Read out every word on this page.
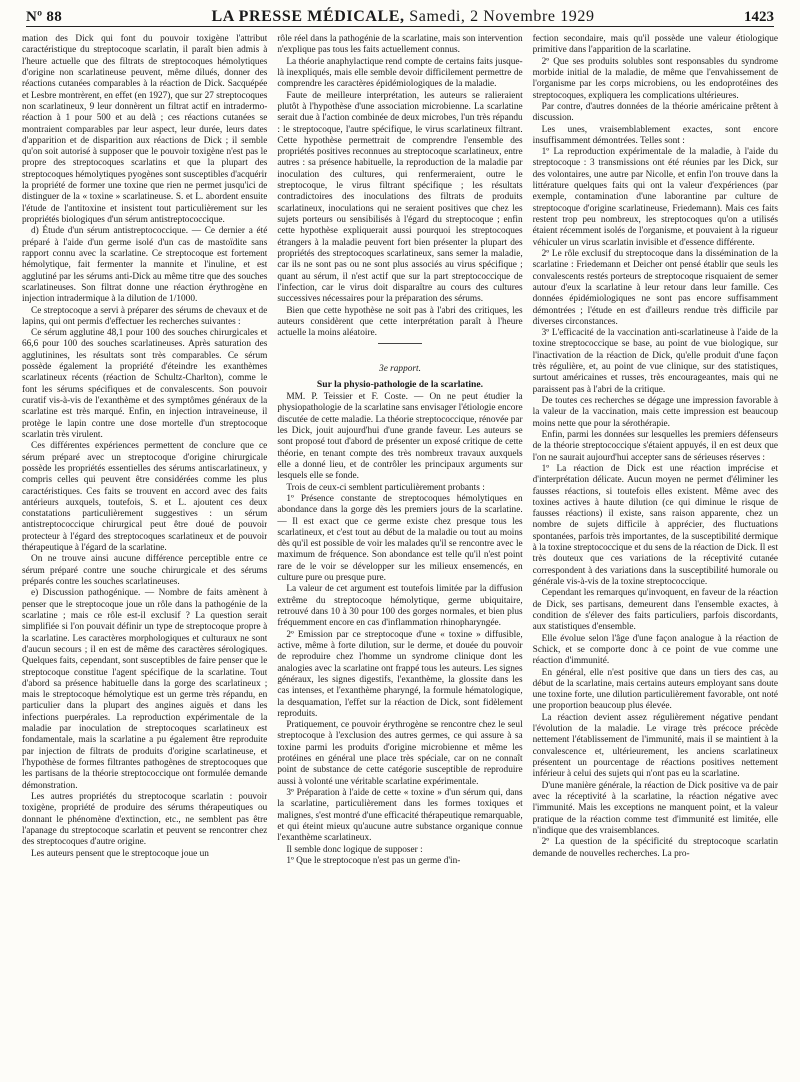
Nº 88	LA PRESSE MÉDICALE, Samedi, 2 Novembre 1929	1423

mation des Dick qui font du pouvoir toxigène l'attribut caractéristique du streptocoque scarlatin, il paraît bien admis à l'heure actuelle que des filtrats de streptocoques hémolytiques d'origine non scarlatineuse peuvent, même dilués, donner des réactions cutanées comparables à la réaction de Dick. Sacquépée et Lesbre montrèrent, en effet (en 1927), que sur 27 streptocoques non scarlatineux, 9 leur donnèrent un filtrat actif en intradermo-réaction à 1 pour 500 et au delà ; ces réactions cutanées se montraient comparables par leur aspect, leur durée, leurs dates d'apparition et de disparition aux réactions de Dick ; il semble qu'on soit autorisé à supposer que le pouvoir toxigène n'est pas le propre des streptocoques scarlatins et que la plupart des streptocoques hémolytiques pyogènes sont susceptibles d'acquérir la propriété de former une toxine que rien ne permet jusqu'ici de distinguer de la « toxine » scarlatineuse. S. et L. abordent ensuite l'étude de l'antitoxine et insistent tout particulièrement sur les propriétés biologiques d'un sérum antistreptococcique.

d) Étude d'un sérum antistreptococcique. — Ce dernier a été préparé à l'aide d'un germe isolé d'un cas de mastoïdite sans rapport connu avec la scarlatine. Ce streptocoque est fortement hémolytique, fait fermenter la mannite et l'inuline, et est agglutiné par les sérums anti-Dick au même titre que des souches scarlatineuses. Son filtrat donne une réaction érythrogène en injection intradermique à la dilution de 1/1000.

Ce streptocoque a servi à préparer des sérums de chevaux et de lapins, qui ont permis d'effectuer les recherches suivantes :

Ce sérum agglutine 48,1 pour 100 des souches chirurgicales et 66,6 pour 100 des souches scarlatineuses. Après saturation des agglutinines, les résultats sont très comparables. Ce sérum possède également la propriété d'éteindre les exanthèmes scarlatineux récents (réaction de Schultz-Charlton), comme le font les sérums spécifiques et de convalescents. Son pouvoir curatif vis-à-vis de l'exanthème et des symptômes généraux de la scarlatine est très marqué. Enfin, en injection intraveineuse, il protège le lapin contre une dose mortelle d'un streptocoque scarlatin très virulent.

Ces différentes expériences permettent de conclure que ce sérum préparé avec un streptocoque d'origine chirurgicale possède les propriétés essentielles des sérums antiscarlatineux, y compris celles qui peuvent être considérées comme les plus caractéristiques. Ces faits se trouvent en accord avec des faits antérieurs auxquels, toutefois, S. et L. ajoutent ces deux constatations particulièrement suggestives : un sérum antistreptococcique chirurgical peut être doué de pouvoir protecteur à l'égard des streptocoques scarlatineux et de pouvoir thérapeutique à l'égard de la scarlatine.

On ne trouve ainsi aucune différence perceptible entre ce sérum préparé contre une souche chirurgicale et des sérums préparés contre les souches scarlatineuses.

e) Discussion pathogénique. — Nombre de faits amènent à penser que le streptocoque joue un rôle dans la pathogénie de la scarlatine ; mais ce rôle est-il exclusif ? La question serait simplifiée si l'on pouvait définir un type de streptocoque propre à la scarlatine. Les caractères morphologiques et culturaux ne sont d'aucun secours ; il en est de même des caractères sérologiques. Quelques faits, cependant, sont susceptibles de faire penser que le streptocoque constitue l'agent spécifique de la scarlatine. Tout d'abord sa présence habituelle dans la gorge des scarlatineux ; mais le streptocoque hémolytique est un germe très répandu, en particulier dans la plupart des angines aiguës et dans les infections puerpérales. La reproduction expérimentale de la maladie par inoculation de streptocoques scarlatineux est fondamentale, mais la scarlatine a pu également être reproduite par injection de filtrats de produits d'origine scarlatineuse, et l'hypothèse de formes filtrantes pathogènes de streptocoques que les partisans de la théorie streptococcique ont formulée demande démonstration.

Les autres propriétés du streptocoque scarlatin : pouvoir toxigène, propriété de produire des sérums thérapeutiques ou donnant le phénomène d'extinction, etc., ne semblent pas être l'apanage du streptocoque scarlatin et peuvent se rencontrer chez des streptocoques d'autre origine.

Les auteurs pensent que le streptocoque joue un

rôle réel dans la pathogénie de la scarlatine, mais son intervention n'explique pas tous les faits actuellement connus.

La théorie anaphylactique rend compte de certains faits jusque-là inexpliqués, mais elle semble devoir difficilement permettre de comprendre les caractères épidémiologiques de la maladie.

Faute de meilleure interprétation, les auteurs se ralieraient plutôt à l'hypothèse d'une association microbienne. La scarlatine serait due à l'action combinée de deux microbes, l'un très répandu : le streptocoque, l'autre spécifique, le virus scarlatineux filtrant. Cette hypothèse permettrait de comprendre l'ensemble des propriétés positives reconnues au streptocoque scarlatineux, entre autres : sa présence habituelle, la reproduction de la maladie par inoculation des cultures, qui renfermeraient, outre le streptocoque, le virus filtrant spécifique ; les résultats contradictoires des inoculations des filtrats de produits scarlatineux, inoculations qui ne seraient positives que chez les sujets porteurs ou sensibilisés à l'égard du streptocoque ; enfin cette hypothèse expliquerait aussi pourquoi les streptocoques étrangers à la maladie peuvent fort bien présenter la plupart des propriétés des streptocoques scarlatineux, sans semer la maladie, car ils ne sont pas ou ne sont plus associés au virus spécifique ; quant au sérum, il n'est actif que sur la part streptococcique de l'infection, car le virus doit disparaître au cours des cultures successives nécessaires pour la préparation des sérums.

Bien que cette hypothèse ne soit pas à l'abri des critiques, les auteurs considèrent que cette interprétation paraît à l'heure actuelle la moins aléatoire.

3e rapport.

Sur la physio-pathologie de la scarlatine.

MM. P. Teissier et F. Coste. — On ne peut étudier la physiopathologie de la scarlatine sans envisager l'étiologie encore discutée de cette maladie. La théorie streptococcique, rénovée par les Dick, jouit aujourd'hui d'une grande faveur. Les auteurs se sont proposé tout d'abord de présenter un exposé critique de cette théorie, en tenant compte des très nombreux travaux auxquels elle a donné lieu, et de contrôler les principaux arguments sur lesquels elle se fonde.

Trois de ceux-ci semblent particulièrement probants :

1º Présence constante de streptocoques hémolytiques en abondance dans la gorge dès les premiers jours de la scarlatine. — Il est exact que ce germe existe chez presque tous les scarlatineux, et c'est tout au début de la maladie ou tout au moins dès qu'il est possible de voir les malades qu'il se rencontre avec le maximum de fréquence. Son abondance est telle qu'il n'est point rare de le voir se développer sur les milieux ensemencés, en culture pure ou presque pure.

La valeur de cet argument est toutefois limitée par la diffusion extrême du streptocoque hémolytique, germe ubiquitaire, retrouvé dans 10 à 30 pour 100 des gorges normales, et bien plus fréquemment encore en cas d'inflammation rhinopharyngée.

2º Emission par ce streptocoque d'une « toxine » diffusible, active, même à forte dilution, sur le derme, et douée du pouvoir de reproduire chez l'homme un syndrome clinique dont les analogies avec la scarlatine ont frappé tous les auteurs. Les signes généraux, les signes digestifs, l'exanthème, la glossite dans les cas intenses, et l'exanthème pharyngé, la formule hématologique, la desquamation, l'effet sur la réaction de Dick, sont fidèlement reproduits.

Pratiquement, ce pouvoir érythrogène se rencontre chez le seul streptocoque à l'exclusion des autres germes, ce qui assure à sa toxine parmi les produits d'origine microbienne et même les protéines en général une place très spéciale, car on ne connaît point de substance de cette catégorie susceptible de reproduire aussi à volonté une véritable scarlatine expérimentale.

3º Préparation à l'aide de cette « toxine » d'un sérum qui, dans la scarlatine, particulièrement dans les formes toxiques et malignes, s'est montré d'une efficacité thérapeutique remarquable, et qui éteint mieux qu'aucune autre substance organique connue l'exanthème scarlatineux.

Il semble donc logique de supposer :

1º Que le streptocoque n'est pas un germe d'in-

fection secondaire, mais qu'il possède une valeur étiologique primitive dans l'apparition de la scarlatine.

2º Que ses produits solubles sont responsables du syndrome morbide initial de la maladie, de même que l'envahissement de l'organisme par les corps microbiens, ou les endoprotéines des streptocoques, expliquera les complications ultérieures.

Par contre, d'autres données de la théorie américaine prêtent à discussion.

Les unes, vraisemblablement exactes, sont encore insuffisamment démontrées. Telles sont :

1º La reproduction expérimentale de la maladie, à l'aide du streptocoque : 3 transmissions ont été réunies par les Dick, sur des volontaires, une autre par Nicolle, et enfin l'on trouve dans la littérature quelques faits qui ont la valeur d'expériences (par exemple, contamination d'une laborantine par culture de streptocoque d'origine scarlatineuse, Friedemann). Mais ces faits restent trop peu nombreux, les streptocoques qu'on a utilisés étaient récemment isolés de l'organisme, et pouvaient à la rigueur véhiculer un virus scarlatin invisible et d'essence différente.

2º Le rôle exclusif du streptocoque dans la dissémination de la scarlatine : Friedemann et Deicher ont pensé établir que seuls les convalescents restés porteurs de streptocoque risquaient de semer autour d'eux la scarlatine à leur retour dans leur famille. Ces données épidémiologiques ne sont pas encore suffisamment démontrées ; l'étude en est d'ailleurs rendue très difficile par diverses circonstances.

3º L'efficacité de la vaccination anti-scarlatineuse à l'aide de la toxine streptococcique se base, au point de vue biologique, sur l'inactivation de la réaction de Dick, qu'elle produit d'une façon très régulière, et, au point de vue clinique, sur des statistiques, surtout américaines et russes, très encourageantes, mais qui ne paraissent pas à l'abri de la critique.

De toutes ces recherches se dégage une impression favorable à la valeur de la vaccination, mais cette impression est beaucoup moins nette que pour la sérothérapie.

Enfin, parmi les données sur lesquelles les premiers défenseurs de la théorie streptococcique s'étaient appuyés, il en est deux que l'on ne saurait aujourd'hui accepter sans de sérieuses réserves :

1º La réaction de Dick est une réaction imprécise et d'interprétation délicate. Aucun moyen ne permet d'éliminer les fausses réactions, si toutefois elles existent. Même avec des toxines actives à haute dilution (ce qui diminue le risque de fausses réactions) il existe, sans raison apparente, chez un nombre de sujets difficile à apprécier, des fluctuations spontanées, parfois très importantes, de la susceptibilité dermique à la toxine streptococcique et du sens de la réaction de Dick. Il est très douteux que ces variations de la réceptivité cutanée correspondent à des variations dans la susceptibilité humorale ou générale vis-à-vis de la toxine streptococcique.

Cependant les remarques qu'invoquent, en faveur de la réaction de Dick, ses partisans, demeurent dans l'ensemble exactes, à condition de s'élever des faits particuliers, parfois discordants, aux statistiques d'ensemble.

Elle évolue selon l'âge d'une façon analogue à la réaction de Schick, et se comporte donc à ce point de vue comme une réaction d'immunité.

En général, elle n'est positive que dans un tiers des cas, au début de la scarlatine, mais certains auteurs employant sans doute une toxine forte, une dilution particulièrement favorable, ont noté une proportion beaucoup plus élevée.

La réaction devient assez régulièrement négative pendant l'évolution de la maladie. Le virage très précoce précède nettement l'établissement de l'immunité, mais il se maintient à la convalescence et, ultérieurement, les anciens scarlatineux présentent un pourcentage de réactions positives nettement inférieur à celui des sujets qui n'ont pas eu la scarlatine.

D'une manière générale, la réaction de Dick positive va de pair avec la réceptivité à la scarlatine, la réaction négative avec l'immunité. Mais les exceptions ne manquent point, et la valeur pratique de la réaction comme test d'immunité est limitée, elle n'indique que des vraisemblances.

2º La question de la spécificité du streptocoque scarlatin demande de nouvelles recherches. La pro-
